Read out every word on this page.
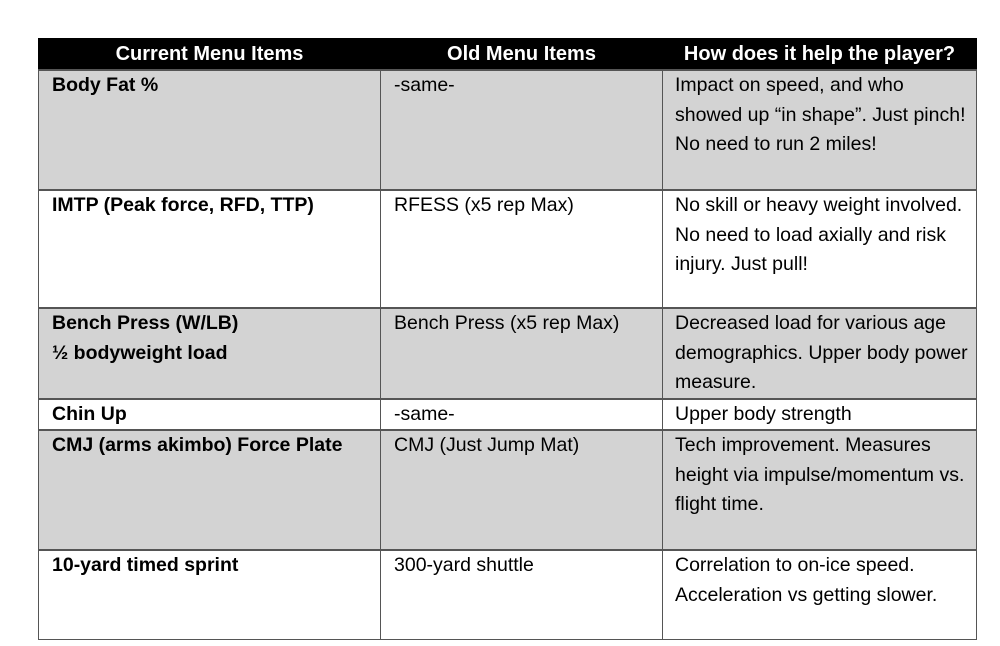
Current Menu Items	Old Menu Items	How does it help the player?

Body Fat %	-same-	Impact on speed, and who showed up “in shape”. Just pinch! No need to run 2 miles!

IMTP (Peak force, RFD, TTP)	RFESS (x5 rep Max)	No skill or heavy weight involved. No need to load axially and risk injury. Just pull!

Bench Press (W/LB)
½ bodyweight load	Bench Press (x5 rep Max)	Decreased load for various age demographics. Upper body power measure.

Chin Up	-same-	Upper body strength

CMJ (arms akimbo) Force Plate	CMJ (Just Jump Mat)	Tech improvement. Measures height via impulse/momentum vs. flight time.

10-yard timed sprint	300-yard shuttle	Correlation to on-ice speed. Acceleration vs getting slower.
